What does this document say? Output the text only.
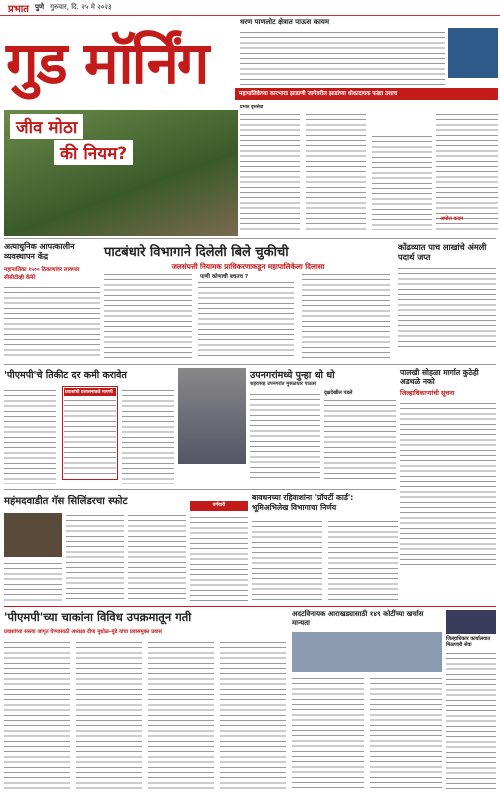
प्रभात पुणे गुरुवार, दि. २५ मे २०२३
गुड मॉर्निंग
धरण पाणलोट क्षेत्रात पाऊस कायम
महापालिकेच्या कारभाराः झाडाणी जागेवरील झाडांच्या धोकादायक फांद्या तशाच
जीव मोठा
की नियम?
प्रभात वृत्तसेवा
– अमोल कदम
अत्याधुनिक आपत्कालीन व्यवस्थापन केंद्र
महापालिका १५०० ठिकाणांवर लावणार सीसीटीव्ही कॅमेरे
पाटबंधारे विभागाने दिलेली बिले चुकीची
जलसंपत्ती नियामक प्राधिकरणाकडून महापालिकेला दिलासा
पाणी कोणाची बचतच ?
कोंढव्यात पाच लाखांचे अंमली पदार्थ जप्त
'पीएमपी'चे तिकीट दर कमी करावेत
प्रवाशांची प्रशासनाकडे मागणी
उपनगरांमध्ये पुन्हा धो धो
शहरासह उपनगरांत मुसळधार पाऊस
वृक्षदेखील पडले
पालखी सोहळा मार्गात कुठेही अडथळे नको
जिल्हाधिकाऱ्यांची सूचना
महंमदवाडीत गॅस सिलिंडरचा स्फोट	वर्गवारी
बावधनच्या रहिवाशांना 'प्रॉपर्टी कार्ड':
भूमिअभिलेख विभागाचा निर्णय
'पीएमपी'च्या चाकांना विविध उपक्रमातून गती
प्रवाशांच्या सस्त्या जागृत घेण्यासाठी अध्यक्षा दीपा मुधोळ–मुंडे यांचा प्रवासमुक्त प्रवास
अदटविनायक आराखड्यासाठी १४९ कोटींच्या खर्चास मान्यता
जिल्हाधिकार कार्यालयात मिळणारी सेवा
